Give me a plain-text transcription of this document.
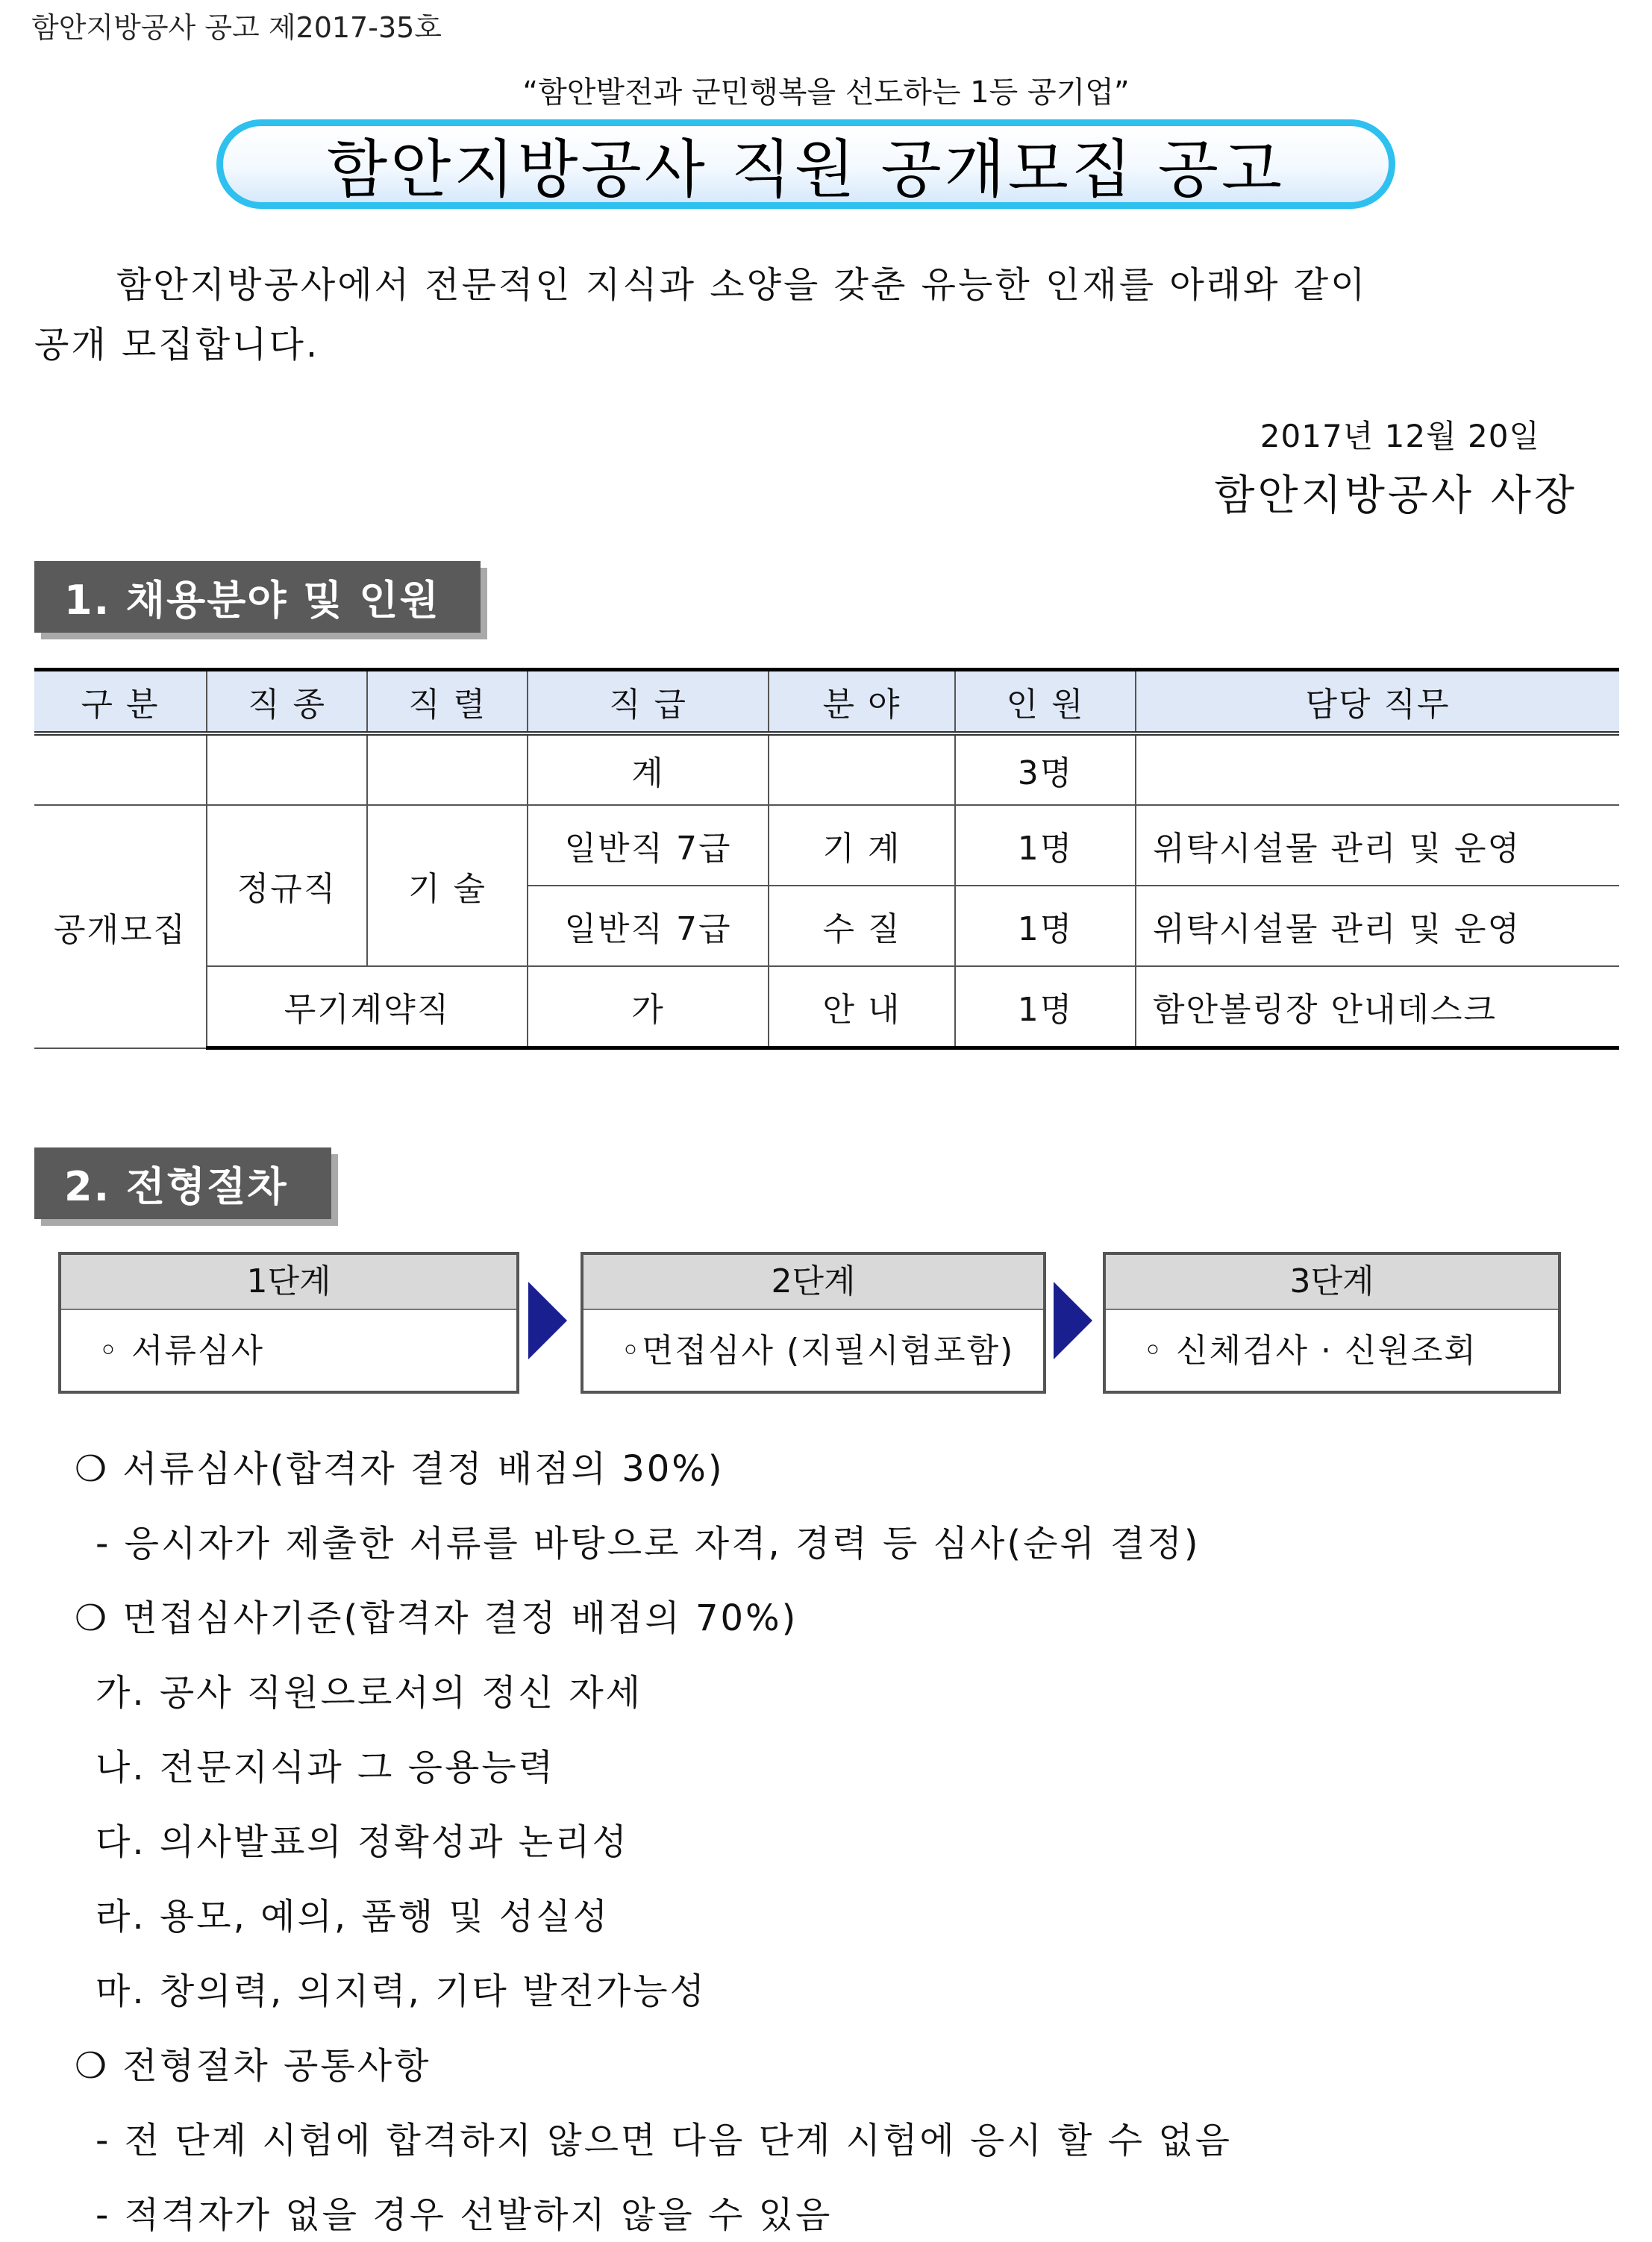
함안지방공사 공고 제2017-35호
“함안발전과 군민행복을 선도하는 1등 공기업”
함안지방공사 직원 공개모집 공고
함안지방공사에서 전문적인 지식과 소양을 갖춘 유능한 인재를 아래와 같이
공개 모집합니다.
2017년 12월 20일
함안지방공사 사장
1. 채용분야 및 인원
구 분	직 종	직 렬	직 급	분 야	인 원	담당 직무
			계		3명	
공개모집	정규직	기 술	일반직 7급	기 계	1명	위탁시설물 관리 및 운영
			일반직 7급	수 질	1명	위탁시설물 관리 및 운영
	무기계약직		가	안 내	1명	함안볼링장 안내데스크
2. 전형절차
1단계
◦ 서류심사
2단계
◦면접심사 (지필시험포함)
3단계
◦ 신체검사 · 신원조회
❍ 서류심사(합격자 결정 배점의 30%)
- 응시자가 제출한 서류를 바탕으로 자격, 경력 등 심사(순위 결정)
❍ 면접심사기준(합격자 결정 배점의 70%)
가. 공사 직원으로서의 정신 자세
나. 전문지식과 그 응용능력
다. 의사발표의 정확성과 논리성
라. 용모, 예의, 품행 및 성실성
마. 창의력, 의지력, 기타 발전가능성
❍ 전형절차 공통사항
- 전 단계 시험에 합격하지 않으면 다음 단계 시험에 응시 할 수 없음
- 적격자가 없을 경우 선발하지 않을 수 있음
